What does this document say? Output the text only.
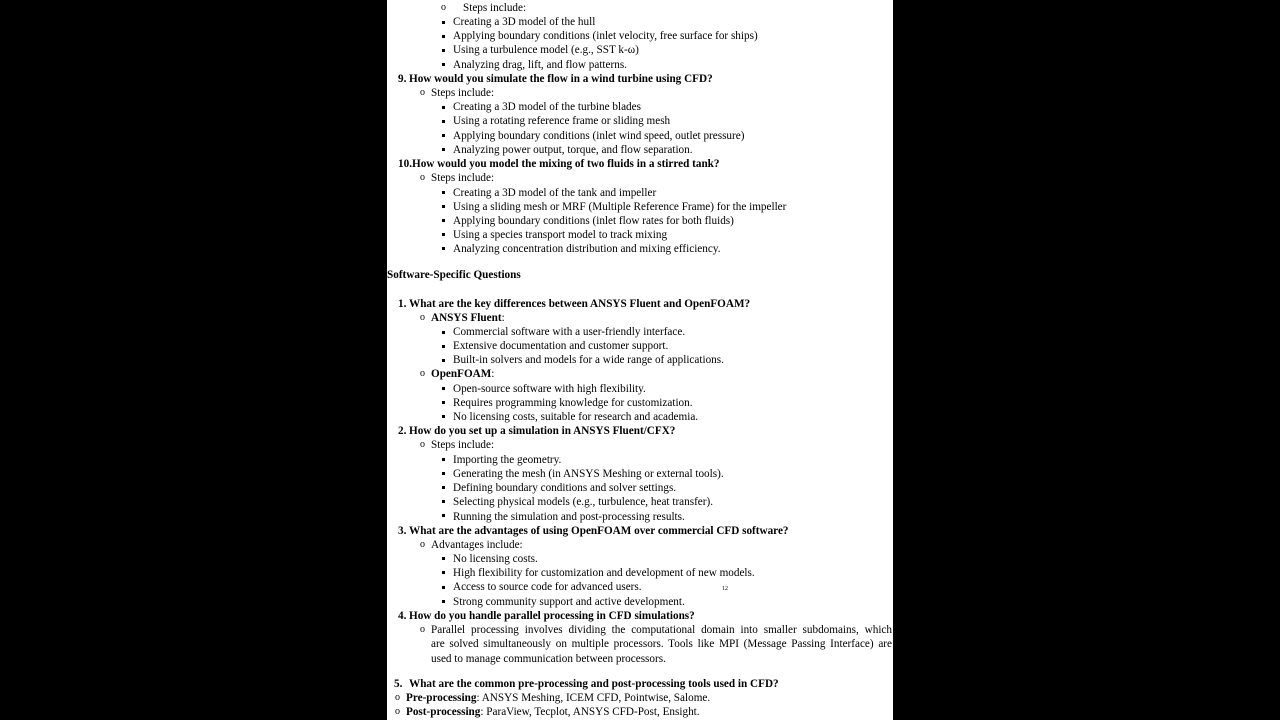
o Steps include:
Creating a 3D model of the hull
Applying boundary conditions (inlet velocity, free surface for ships)
Using a turbulence model (e.g., SST k-ω)
Analyzing drag, lift, and flow patterns.
9. How would you simulate the flow in a wind turbine using CFD?
o Steps include:
Creating a 3D model of the turbine blades
Using a rotating reference frame or sliding mesh
Applying boundary conditions (inlet wind speed, outlet pressure)
Analyzing power output, torque, and flow separation.
10. How would you model the mixing of two fluids in a stirred tank?
o Steps include:
Creating a 3D model of the tank and impeller
Using a sliding mesh or MRF (Multiple Reference Frame) for the impeller
Applying boundary conditions (inlet flow rates for both fluids)
Using a species transport model to track mixing
Analyzing concentration distribution and mixing efficiency.
Software-Specific Questions
1. What are the key differences between ANSYS Fluent and OpenFOAM?
o ANSYS Fluent:
Commercial software with a user-friendly interface.
Extensive documentation and customer support.
Built-in solvers and models for a wide range of applications.
o OpenFOAM:
Open-source software with high flexibility.
Requires programming knowledge for customization.
No licensing costs, suitable for research and academia.
2. How do you set up a simulation in ANSYS Fluent/CFX?
o Steps include:
Importing the geometry.
Generating the mesh (in ANSYS Meshing or external tools).
Defining boundary conditions and solver settings.
Selecting physical models (e.g., turbulence, heat transfer).
Running the simulation and post-processing results.
3. What are the advantages of using OpenFOAM over commercial CFD software?
o Advantages include:
No licensing costs.
High flexibility for customization and development of new models.
Access to source code for advanced users.	12
Strong community support and active development.
4. How do you handle parallel processing in CFD simulations?
o Parallel processing involves dividing the computational domain into smaller subdomains, which
are solved simultaneously on multiple processors. Tools like MPI (Message Passing Interface) are
used to manage communication between processors.
5. What are the common pre-processing and post-processing tools used in CFD?
o Pre-processing: ANSYS Meshing, ICEM CFD, Pointwise, Salome.
o Post-processing: ParaView, Tecplot, ANSYS CFD-Post, Ensight.
